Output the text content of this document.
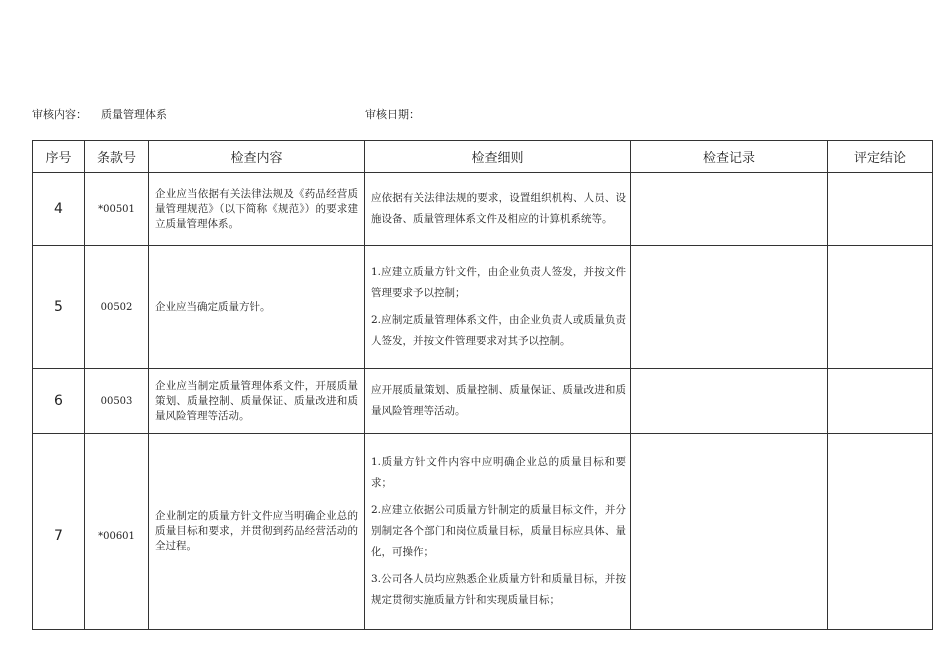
审核内容： 质量管理体系	审核日期：
序号	条款号	检查内容	检查细则	检查记录	评定结论
4	*00501	企业应当依据有关法律法规及《药品经营质量管理规范》（以下简称《规范》）的要求建立质量管理体系。	应依据有关法律法规的要求，设置组织机构、人员、设施设备、质量管理体系文件及相应的计算机系统等。		

5	00502	企业应当确定质量方针。	1.应建立质量方针文件，由企业负责人签发，并按文件管理要求予以控制；

2.应制定质量管理体系文件，由企业负责人或质量负责人签发，并按文件管理要求对其予以控制。		

6	00503	企业应当制定质量管理体系文件，开展质量策划、质量控制、质量保证、质量改进和质量风险管理等活动。	应开展质量策划、质量控制、质量保证、质量改进和质量风险管理等活动。		

7	*00601	企业制定的质量方针文件应当明确企业总的质量目标和要求，并贯彻到药品经营活动的全过程。	1.质量方针文件内容中应明确企业总的质量目标和要求；

2.应建立依据公司质量方针制定的质量目标文件，并分别制定各个部门和岗位质量目标，质量目标应具体、量化，可操作；

3.公司各人员均应熟悉企业质量方针和质量目标，并按规定贯彻实施质量方针和实现质量目标；		
